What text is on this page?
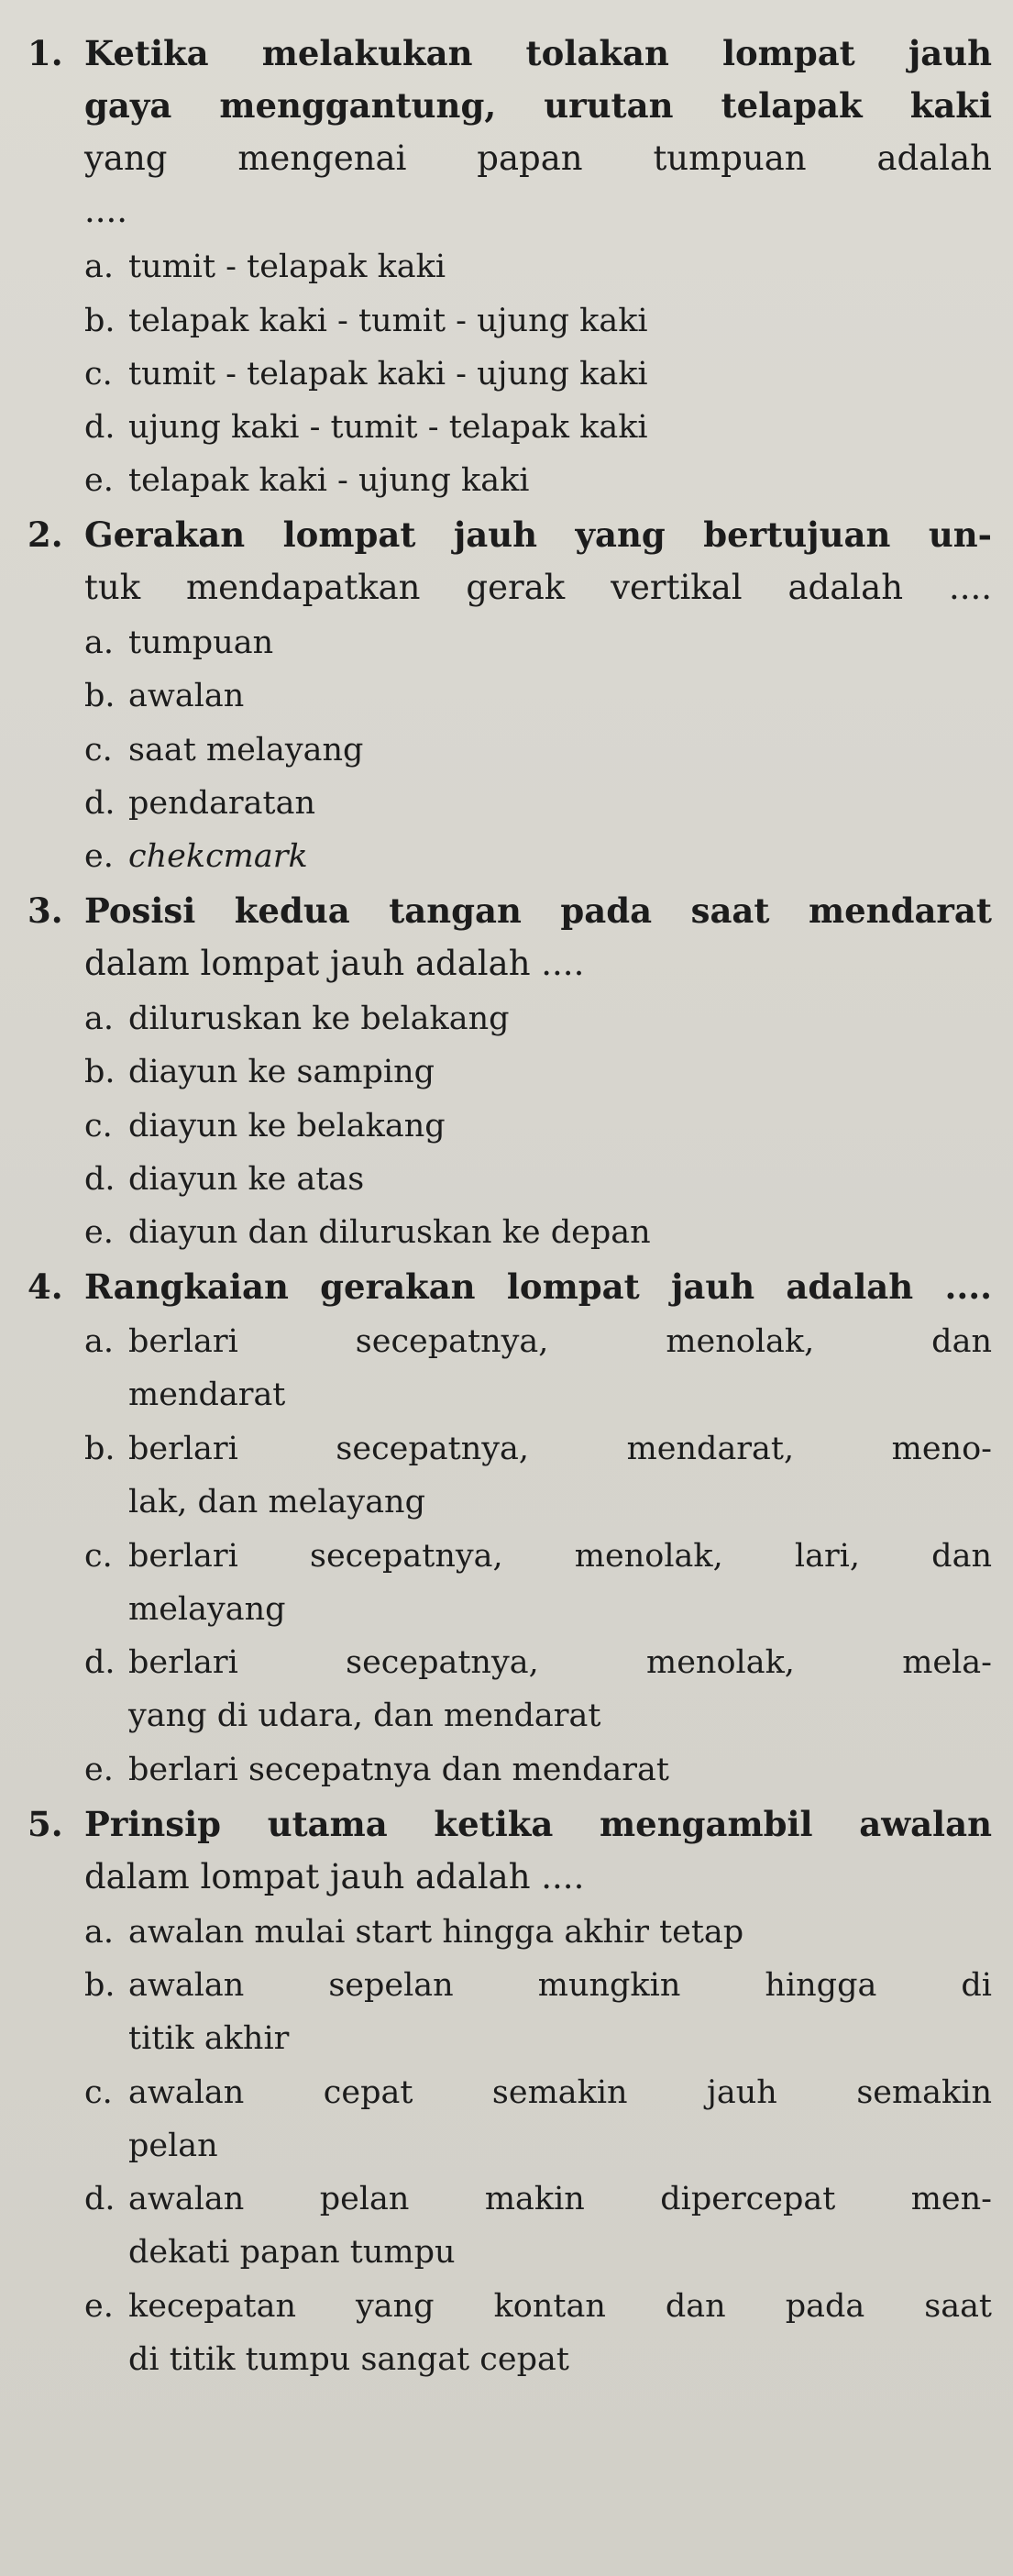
1. Ketika melakukan tolakan lompat jauh
gaya menggantung, urutan telapak kaki
yang mengenai papan tumpuan adalah
....
a. tumit - telapak kaki
b. telapak kaki - tumit - ujung kaki
c. tumit - telapak kaki - ujung kaki
d. ujung kaki - tumit - telapak kaki
e. telapak kaki - ujung kaki
2. Gerakan lompat jauh yang bertujuan un-
tuk mendapatkan gerak vertikal adalah ....
a. tumpuan
b. awalan
c. saat melayang
d. pendaratan
e. chekcmark
3. Posisi kedua tangan pada saat mendarat
dalam lompat jauh adalah ....
a. diluruskan ke belakang
b. diayun ke samping
c. diayun ke belakang
d. diayun ke atas
e. diayun dan diluruskan ke depan
4. Rangkaian gerakan lompat jauh adalah ....
a. berlari secepatnya, menolak, dan
mendarat
b. berlari secepatnya, mendarat, meno-
lak, dan melayang
c. berlari secepatnya, menolak, lari, dan
melayang
d. berlari secepatnya, menolak, mela-
yang di udara, dan mendarat
e. berlari secepatnya dan mendarat
5. Prinsip utama ketika mengambil awalan
dalam lompat jauh adalah ....
a. awalan mulai start hingga akhir tetap
b. awalan sepelan mungkin hingga di
titik akhir
c. awalan cepat semakin jauh semakin
pelan
d. awalan pelan makin dipercepat men-
dekati papan tumpu
e. kecepatan yang kontan dan pada saat
di titik tumpu sangat cepat
